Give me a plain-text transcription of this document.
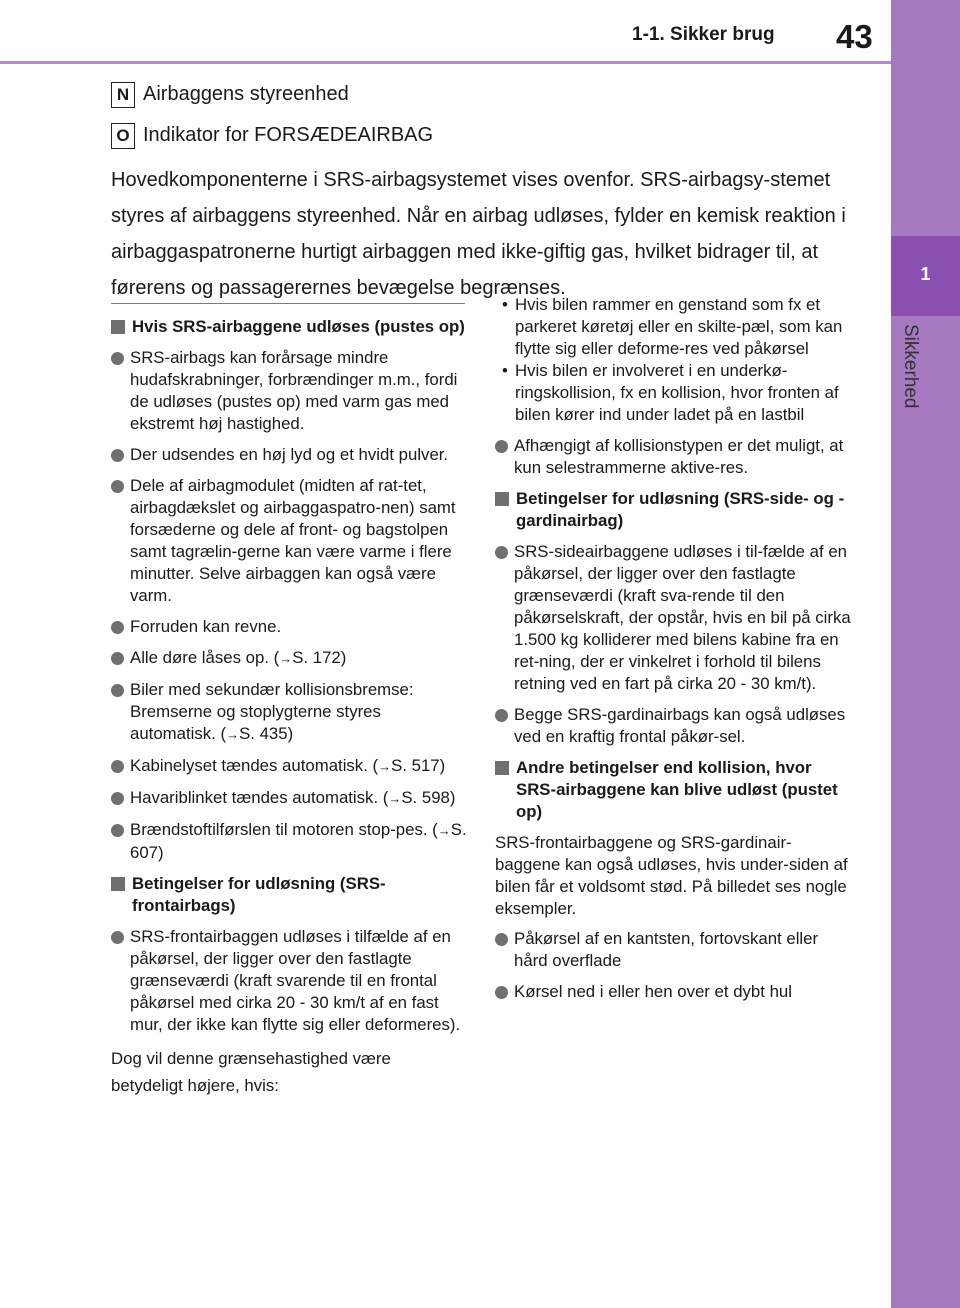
1-1. Sikker brug 43
1
Sikkerhed
N Airbaggens styreenhed
O Indikator for FORSÆDEAIRBAG

Hovedkomponenterne i SRS-airbagsystemet vises ovenfor. SRS-airbagsy-stemet styres af airbaggens styreenhed. Når en airbag udløses, fylder en kemisk reaktion i airbaggaspatronerne hurtigt airbaggen med ikke-giftig gas, hvilket bidrager til, at førerens og passagerernes bevægelse begrænses.

Hvis SRS-airbaggene udløses (pustes op)
SRS-airbags kan forårsage mindre hudafskrabninger, forbrændinger m.m., fordi de udløses (pustes op) med varm gas med ekstremt høj hastighed.
Der udsendes en høj lyd og et hvidt pulver.
Dele af airbagmodulet (midten af rat-tet, airbagdækslet og airbaggaspatro-nen) samt forsæderne og dele af front- og bagstolpen samt tagrælin-gerne kan være varme i flere minutter. Selve airbaggen kan også være varm.
Forruden kan revne.
Alle døre låses op. (→S. 172)
Biler med sekundær kollisionsbremse: Bremserne og stoplygterne styres automatisk. (→S. 435)
Kabinelyset tændes automatisk. (→S. 517)
Havariblinket tændes automatisk. (→S. 598)
Brændstoftilførslen til motoren stop-pes. (→S. 607)
Betingelser for udløsning (SRS-frontairbags)
SRS-frontairbaggen udløses i tilfælde af en påkørsel, der ligger over den fastlagte grænseværdi (kraft svarende til en frontal påkørsel med cirka 20 - 30 km/t af en fast mur, der ikke kan flytte sig eller deformeres).
Dog vil denne grænsehastighed være betydeligt højere, hvis:
• Hvis bilen rammer en genstand som fx et parkeret køretøj eller en skilte-pæl, som kan flytte sig eller deforme-res ved påkørsel
• Hvis bilen er involveret i en underkø-ringskollision, fx en kollision, hvor fronten af bilen kører ind under ladet på en lastbil
Afhængigt af kollisionstypen er det muligt, at kun selestrammerne aktive-res.
Betingelser for udløsning (SRS-side- og -gardinairbag)
SRS-sideairbaggene udløses i til-fælde af en påkørsel, der ligger over den fastlagte grænseværdi (kraft sva-rende til den påkørselskraft, der opstår, hvis en bil på cirka 1.500 kg kolliderer med bilens kabine fra en ret-ning, der er vinkelret i forhold til bilens retning ved en fart på cirka 20 - 30 km/t).
Begge SRS-gardinairbags kan også udløses ved en kraftig frontal påkør-sel.
Andre betingelser end kollision, hvor SRS-airbaggene kan blive udløst (pustet op)
SRS-frontairbaggene og SRS-gardinair-baggene kan også udløses, hvis under-siden af bilen får et voldsomt stød. På billedet ses nogle eksempler.
Påkørsel af en kantsten, fortovskant eller hård overflade
Kørsel ned i eller hen over et dybt hul
